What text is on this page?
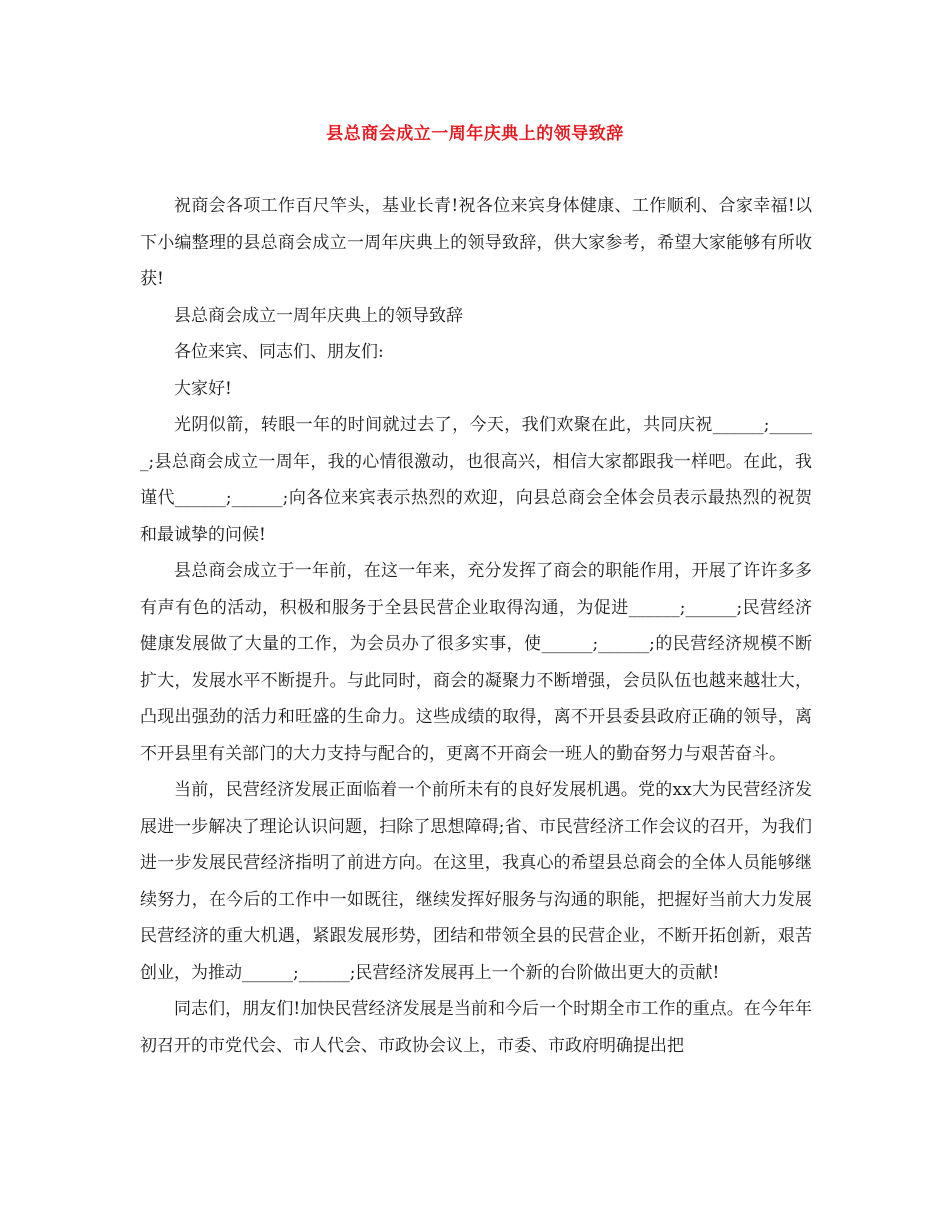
县总商会成立一周年庆典上的领导致辞

祝商会各项工作百尺竿头，基业长青!祝各位来宾身体健康、工作顺利、合家幸福!以下小编整理的县总商会成立一周年庆典上的领导致辞，供大家参考，希望大家能够有所收获!

县总商会成立一周年庆典上的领导致辞

各位来宾、同志们、朋友们:

大家好!

光阴似箭，转眼一年的时间就过去了，今天，我们欢聚在此，共同庆祝______;______;县总商会成立一周年，我的心情很激动，也很高兴，相信大家都跟我一样吧。在此，我谨代______;______;向各位来宾表示热烈的欢迎，向县总商会全体会员表示最热烈的祝贺和最诚挚的问候!

县总商会成立于一年前，在这一年来，充分发挥了商会的职能作用，开展了许许多多有声有色的活动，积极和服务于全县民营企业取得沟通，为促进______;______;民营经济健康发展做了大量的工作，为会员办了很多实事，使______;______;的民营经济规模不断扩大，发展水平不断提升。与此同时，商会的凝聚力不断增强，会员队伍也越来越壮大，凸现出强劲的活力和旺盛的生命力。这些成绩的取得，离不开县委县政府正确的领导，离不开县里有关部门的大力支持与配合的，更离不开商会一班人的勤奋努力与艰苦奋斗。

当前，民营经济发展正面临着一个前所未有的良好发展机遇。党的xx大为民营经济发展进一步解决了理论认识问题，扫除了思想障碍;省、市民营经济工作会议的召开，为我们进一步发展民营经济指明了前进方向。在这里，我真心的希望县总商会的全体人员能够继续努力，在今后的工作中一如既往，继续发挥好服务与沟通的职能，把握好当前大力发展民营经济的重大机遇，紧跟发展形势，团结和带领全县的民营企业，不断开拓创新，艰苦创业，为推动______;______;民营经济发展再上一个新的台阶做出更大的贡献!

同志们，朋友们!加快民营经济发展是当前和今后一个时期全市工作的重点。在今年年初召开的市党代会、市人代会、市政协会议上，市委、市政府明确提出把
